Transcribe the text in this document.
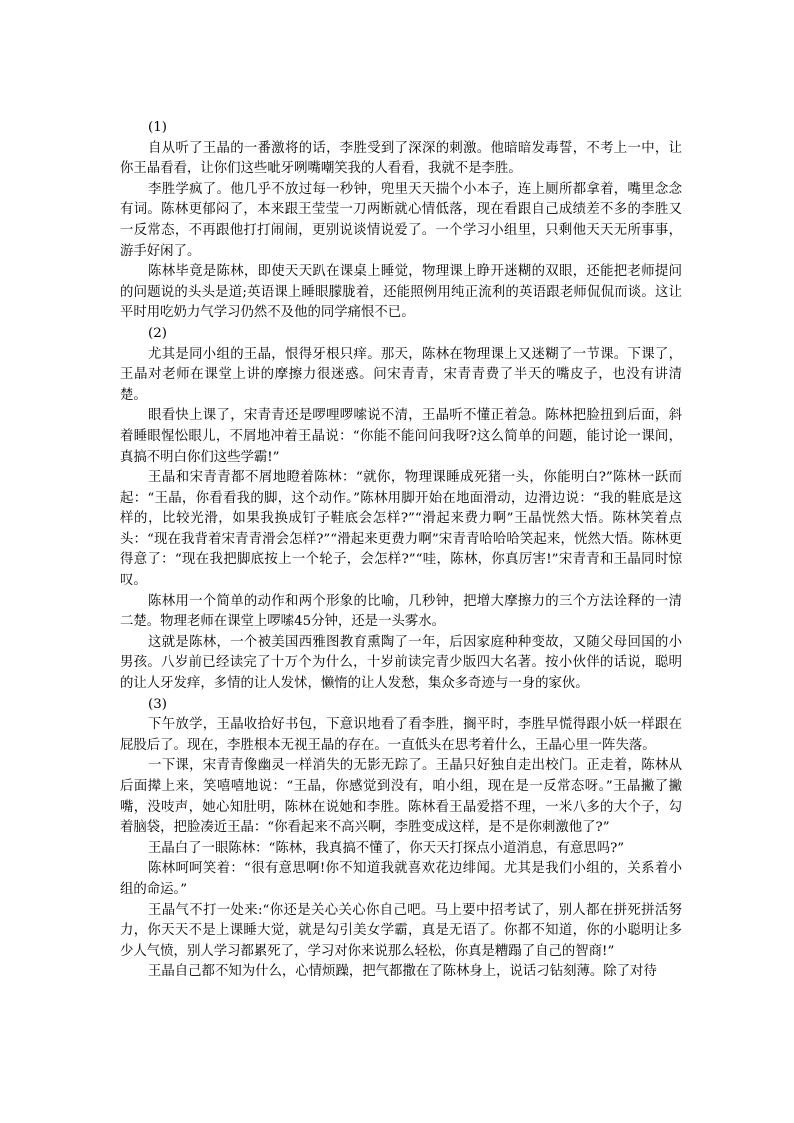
(1)

自从听了王晶的一番激将的话，李胜受到了深深的刺激。他暗暗发毒誓，不考上一中，让你王晶看看，让你们这些呲牙咧嘴嘲笑我的人看看，我就不是李胜。

李胜学疯了。他几乎不放过每一秒钟，兜里天天揣个小本子，连上厕所都拿着，嘴里念念有词。陈林更郁闷了，本来跟王莹莹一刀两断就心情低落，现在看跟自己成绩差不多的李胜又一反常态，不再跟他打打闹闹，更别说谈情说爱了。一个学习小组里，只剩他天天无所事事，游手好闲了。

陈林毕竟是陈林，即使天天趴在课桌上睡觉，物理课上睁开迷糊的双眼，还能把老师提问的问题说的头头是道;英语课上睡眼朦胧着，还能照例用纯正流利的英语跟老师侃侃而谈。这让平时用吃奶力气学习仍然不及他的同学痛恨不已。

(2)

尤其是同小组的王晶，恨得牙根只痒。那天，陈林在物理课上又迷糊了一节课。下课了，王晶对老师在课堂上讲的摩擦力很迷惑。问宋青青，宋青青费了半天的嘴皮子，也没有讲清楚。

眼看快上课了，宋青青还是啰哩啰嗦说不清，王晶听不懂正着急。陈林把脸扭到后面，斜着睡眼惺忪眼儿，不屑地冲着王晶说：“你能不能问问我呀?这么简单的问题，能讨论一课间，真搞不明白你们这些学霸!”

王晶和宋青青都不屑地瞪着陈林：“就你，物理课睡成死猪一头，你能明白?”陈林一跃而起：“王晶，你看看我的脚，这个动作。”陈林用脚开始在地面滑动，边滑边说：“我的鞋底是这样的，比较光滑，如果我换成钉子鞋底会怎样?”“滑起来费力啊”王晶恍然大悟。陈林笑着点头：“现在我背着宋青青滑会怎样?”“滑起来更费力啊”宋青青哈哈哈笑起来，恍然大悟。陈林更得意了：“现在我把脚底按上一个轮子，会怎样?”“哇，陈林，你真厉害!”宋青青和王晶同时惊叹。

陈林用一个简单的动作和两个形象的比喻，几秒钟，把增大摩擦力的三个方法诠释的一清二楚。物理老师在课堂上啰嗦45分钟，还是一头雾水。

这就是陈林，一个被美国西雅图教育熏陶了一年，后因家庭种种变故，又随父母回国的小男孩。八岁前已经读完了十万个为什么，十岁前读完青少版四大名著。按小伙伴的话说，聪明的让人牙发痒，多情的让人发怵，懒惰的让人发愁，集众多奇迹与一身的家伙。

(3)

下午放学，王晶收拾好书包，下意识地看了看李胜，搁平时，李胜早慌得跟小妖一样跟在屁股后了。现在，李胜根本无视王晶的存在。一直低头在思考着什么，王晶心里一阵失落。

一下课，宋青青像幽灵一样消失的无影无踪了。王晶只好独自走出校门。正走着，陈林从后面撵上来，笑嘻嘻地说：“王晶，你感觉到没有，咱小组，现在是一反常态呀。”王晶撇了撇嘴，没吱声，她心知肚明，陈林在说她和李胜。陈林看王晶爱搭不理，一米八多的大个子，勾着脑袋，把脸凑近王晶：“你看起来不高兴啊，李胜变成这样，是不是你刺激他了?”

王晶白了一眼陈林：“陈林，我真搞不懂了，你天天打探点小道消息，有意思吗?”

陈林呵呵笑着：“很有意思啊!你不知道我就喜欢花边绯闻。尤其是我们小组的，关系着小组的命运。”

王晶气不打一处来:“你还是关心关心你自己吧。马上要中招考试了，别人都在拼死拼活努力，你天天不是上课睡大觉，就是勾引美女学霸，真是无语了。你都不知道，你的小聪明让多少人气愤，别人学习都累死了，学习对你来说那么轻松，你真是糟蹋了自己的智商!”

王晶自己都不知为什么，心情烦躁，把气都撒在了陈林身上，说话刁钻刻薄。除了对待
